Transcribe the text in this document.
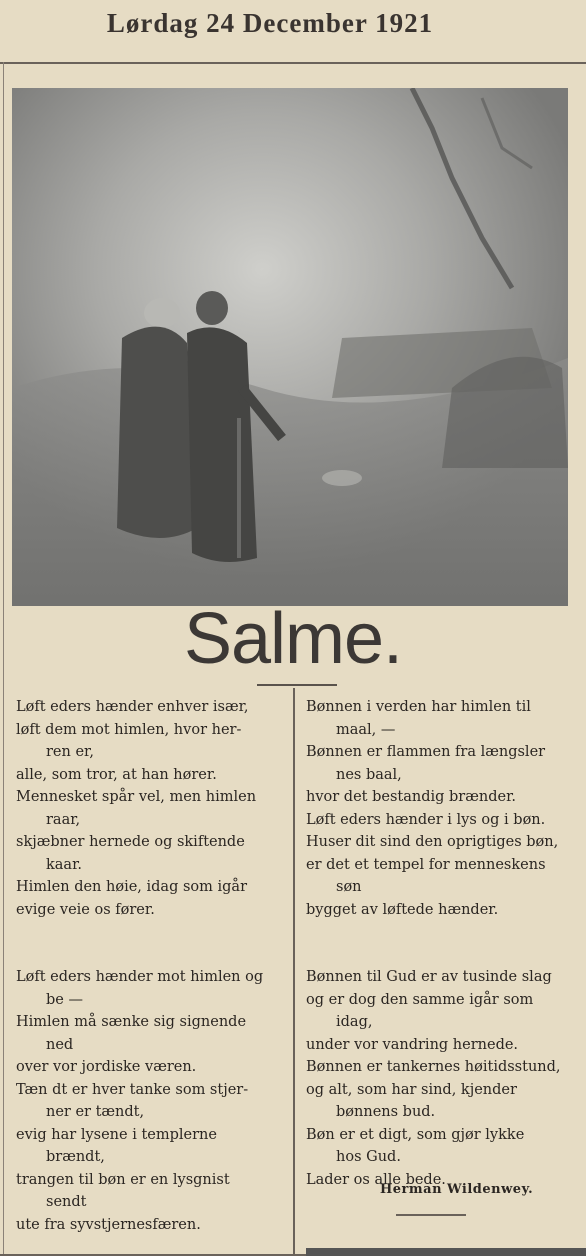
Lørdag 24 December 1921
Salme.
Løft eders hænder enhver især,
løft dem mot himlen, hvor her-
ren er,
alle, som tror, at han hører.
Mennesket spår vel, men himlen
raar,
skjæbner hernede og skiftende
kaar.
Himlen den høie, idag som igår
evige veie os fører.
Løft eders hænder mot himlen og
be —
Himlen må sænke sig signende
ned
over vor jordiske væren.
Tæn dt er hver tanke som stjer-
ner er tændt,
evig har lysene i templerne
brændt,
trangen til bøn er en lysgnist
sendt
ute fra syvstjernesfæren.
Bønnen i verden har himlen til
maal, —
Bønnen er flammen fra længsler
nes baal,
hvor det bestandig brænder.
Løft eders hænder i lys og i bøn.
Huser dit sind den oprigtiges bøn,
er det et tempel for menneskens
søn
bygget av løftede hænder.
Bønnen til Gud er av tusinde slag
og er dog den samme igår som
idag,
under vor vandring hernede.
Bønnen er tankernes høitidsstund,
og alt, som har sind, kjender
bønnens bud.
Bøn er et digt, som gjør lykke
hos Gud.
Lader os alle bede.
Herman Wildenwey.
